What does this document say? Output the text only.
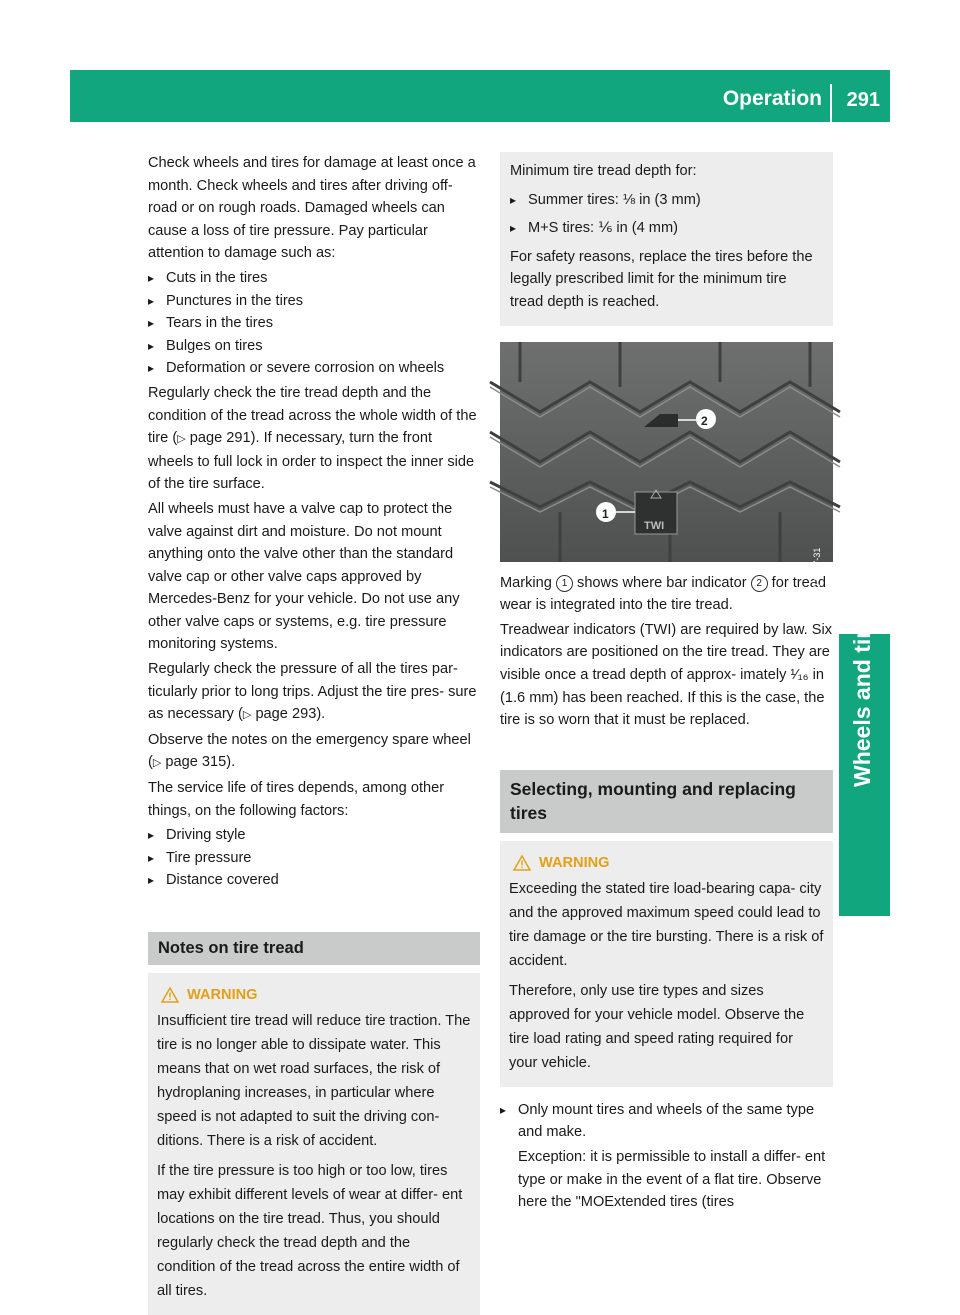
Operation 291
Wheels and tires

Check wheels and tires for damage at least once a month. Check wheels and tires after driving off-road or on rough roads. Damaged wheels can cause a loss of tire pressure. Pay particular attention to damage such as:

▸ Cuts in the tires
▸ Punctures in the tires
▸ Tears in the tires
▸ Bulges on tires
▸ Deformation or severe corrosion on wheels

Regularly check the tire tread depth and the condition of the tread across the whole width of the tire (▷ page 291). If necessary, turn the front wheels to full lock in order to inspect the inner side of the tire surface.

All wheels must have a valve cap to protect the valve against dirt and moisture. Do not mount anything onto the valve other than the standard valve cap or other valve caps approved by Mercedes-Benz for your vehicle. Do not use any other valve caps or systems, e.g. tire pressure monitoring systems.

Regularly check the pressure of all the tires par- ticularly prior to long trips. Adjust the tire pres- sure as necessary (▷ page 293).

Observe the notes on the emergency spare wheel (▷ page 315).

The service life of tires depends, among other things, on the following factors:

▸ Driving style
▸ Tire pressure
▸ Distance covered
Notes on tire tread
WARNING

Insufficient tire tread will reduce tire traction. The tire is no longer able to dissipate water. This means that on wet road surfaces, the risk of hydroplaning increases, in particular where speed is not adapted to suit the driving con- ditions. There is a risk of accident.

If the tire pressure is too high or too low, tires may exhibit different levels of wear at differ- ent locations on the tire tread. Thus, you should regularly check the tread depth and the condition of the tread across the entire width of all tires.

Minimum tire tread depth for:

▸ Summer tires: ⅛ in (3 mm)
▸ M+S tires: ⅙ in (4 mm)

For safety reasons, replace the tires before the legally prescribed limit for the minimum tire tread depth is reached.

2
1
TWI
P40.10-6977-31

Marking 1 shows where bar indicator 2 for tread wear is integrated into the tire tread.

Treadwear indicators (TWI) are required by law. Six indicators are positioned on the tire tread. They are visible once a tread depth of approx- imately ¹⁄₁₆ in (1.6 mm) has been reached. If this is the case, the tire is so worn that it must be replaced.

Selecting, mounting and replacing tires
WARNING

Exceeding the stated tire load-bearing capa- city and the approved maximum speed could lead to tire damage or the tire bursting. There is a risk of accident.

Therefore, only use tire types and sizes approved for your vehicle model. Observe the tire load rating and speed rating required for your vehicle.

▸ Only mount tires and wheels of the same type and make.

Exception: it is permissible to install a differ- ent type or make in the event of a flat tire. Observe here the "MOExtended tires (tires
